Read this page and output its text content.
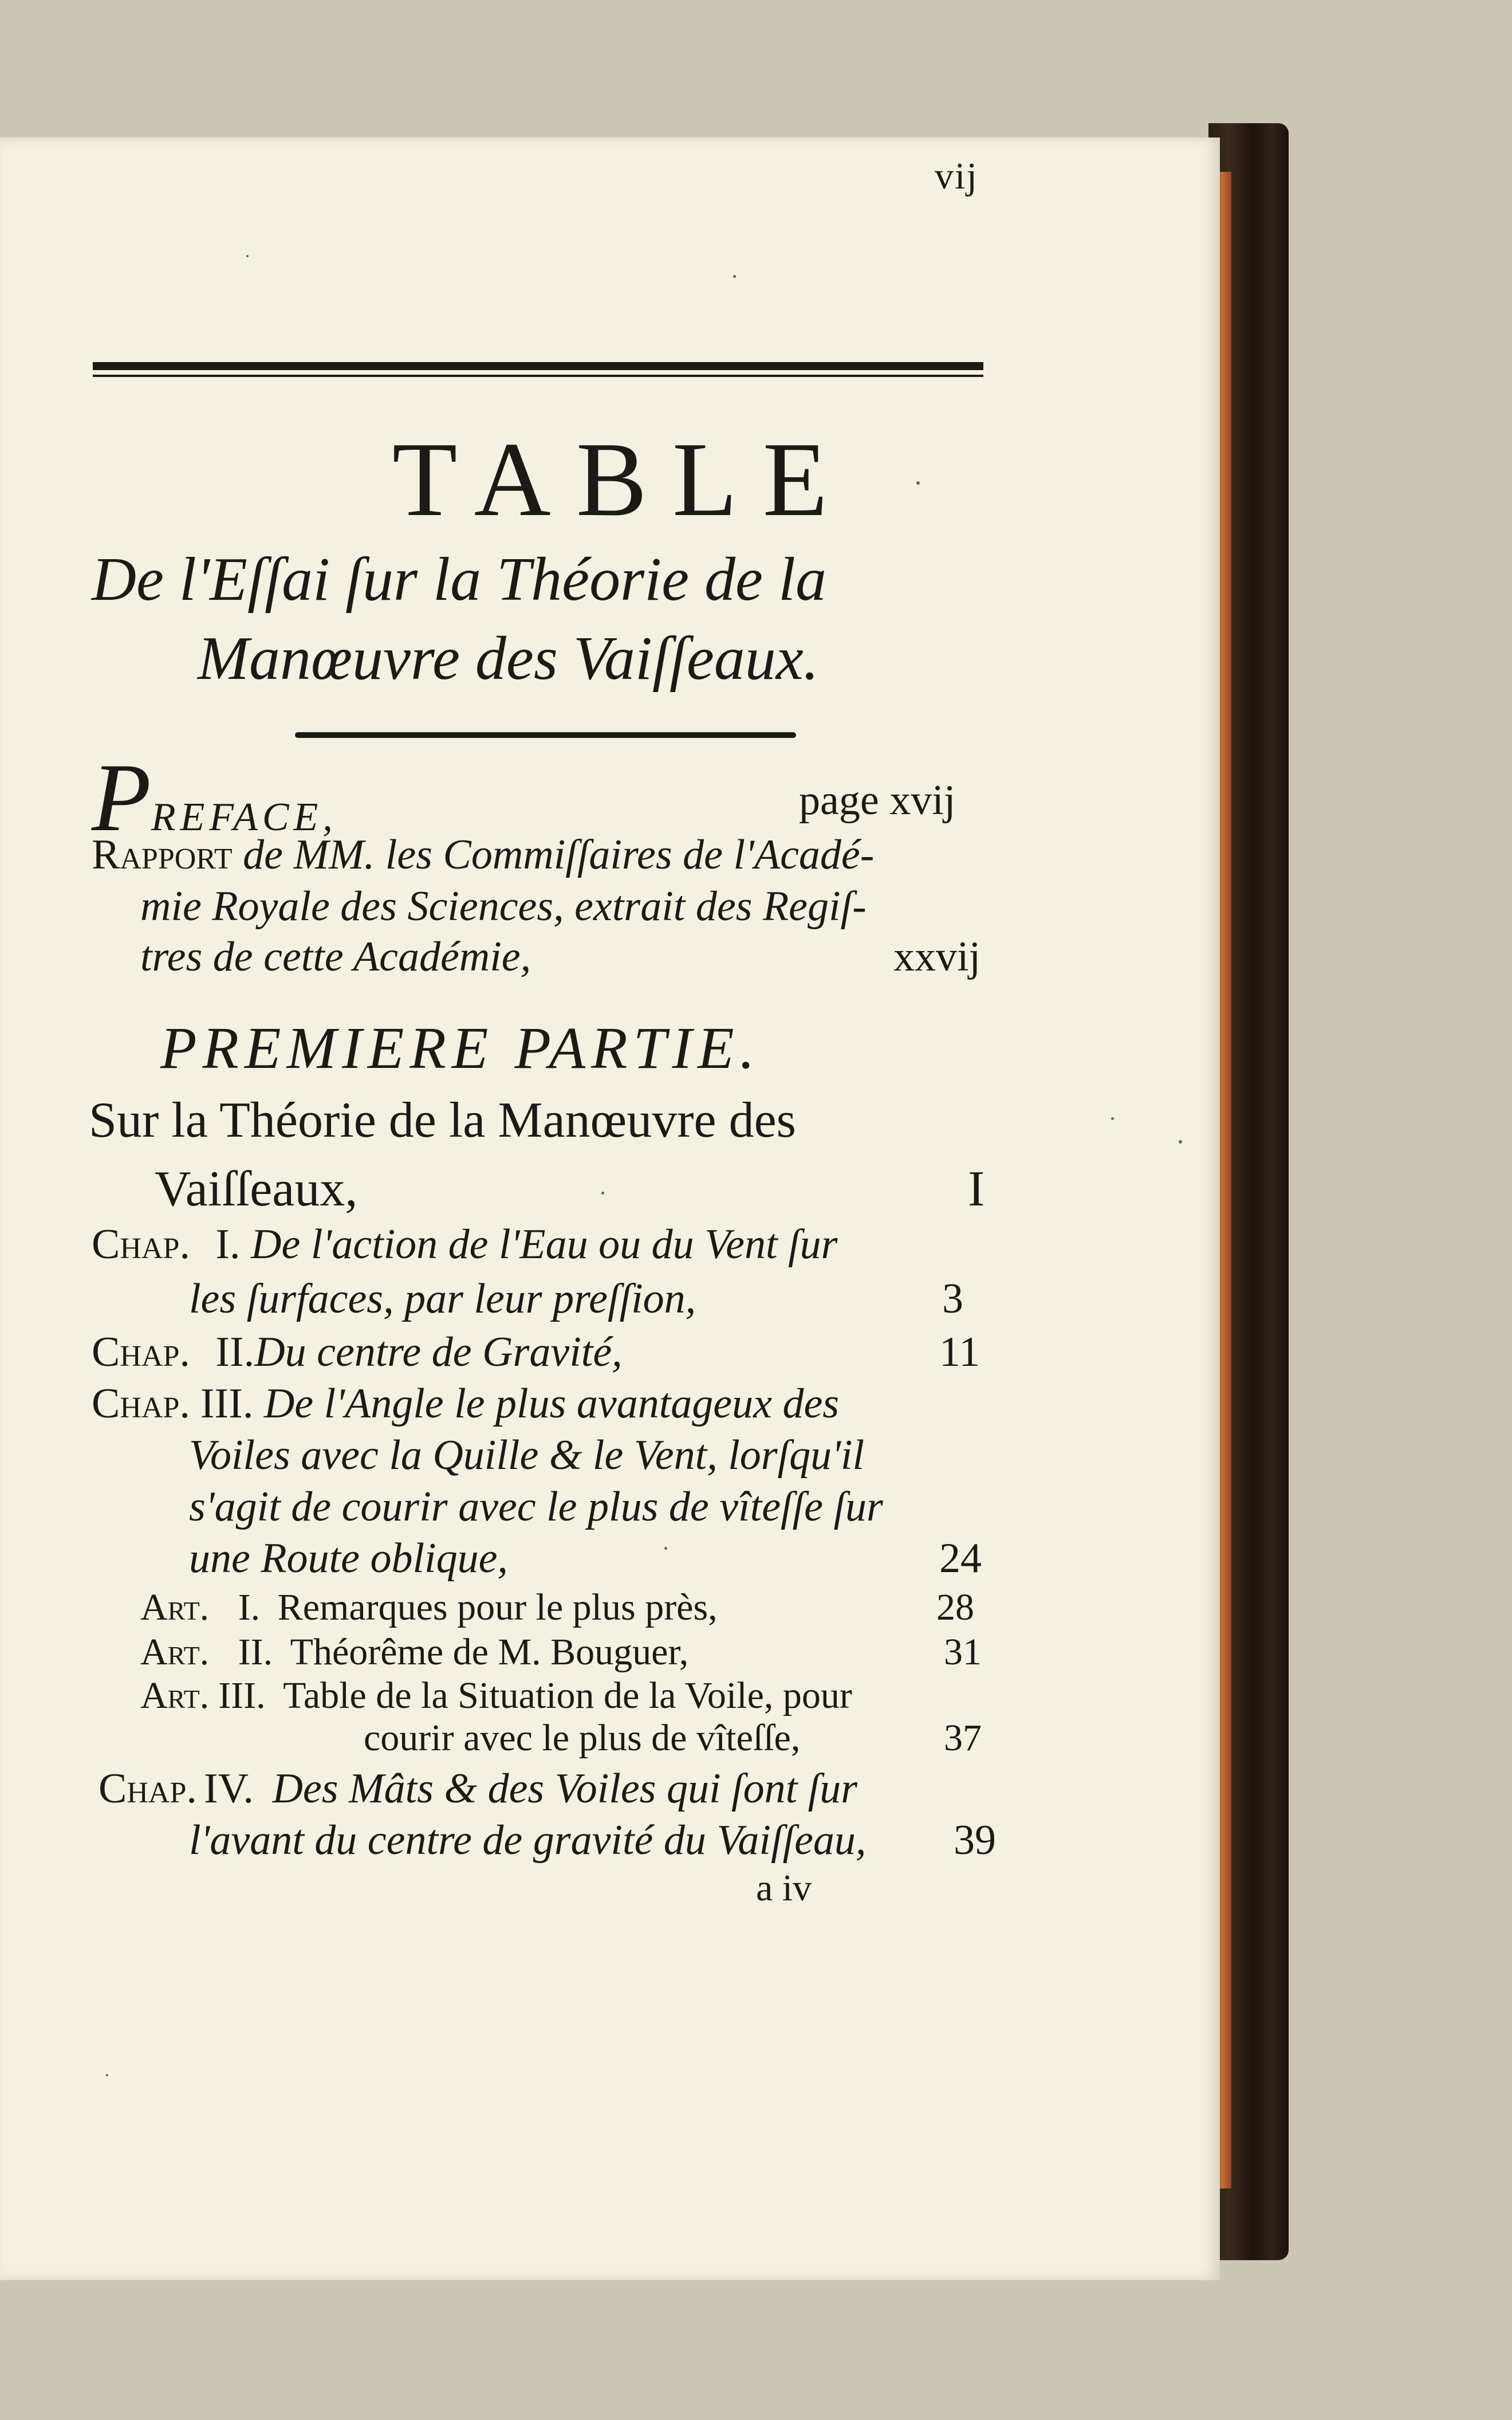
vij
TABLE
De l'Eſſai ſur la Théorie de la
Manœuvre des Vaiſſeaux.
PREFACE,	page xvij
Rapport de MM. les Commiſſaires de l'Acadé-
mie Royale des Sciences, extrait des Regiſ-
tres de cette Académie,	xxvij
PREMIERE PARTIE.
Sur la Théorie de la Manœuvre des
Vaiſſeaux,	I
Chap. I. De l'action de l'Eau ou du Vent ſur
les ſurfaces, par leur preſſion,	3
Chap. II.Du centre de Gravité,	11
Chap. III. De l'Angle le plus avantageux des
Voiles avec la Quille & le Vent, lorſqu'il
s'agit de courir avec le plus de vîteſſe ſur
une Route oblique,	24
Art. I. Remarques pour le plus près,	28
Art. II. Théorême de M. Bouguer,	31
Art. III. Table de la Situation de la Voile, pour
courir avec le plus de vîteſſe,	37
Chap. IV. Des Mâts & des Voiles qui ſont ſur
l'avant du centre de gravité du Vaiſſeau, 39
a iv
